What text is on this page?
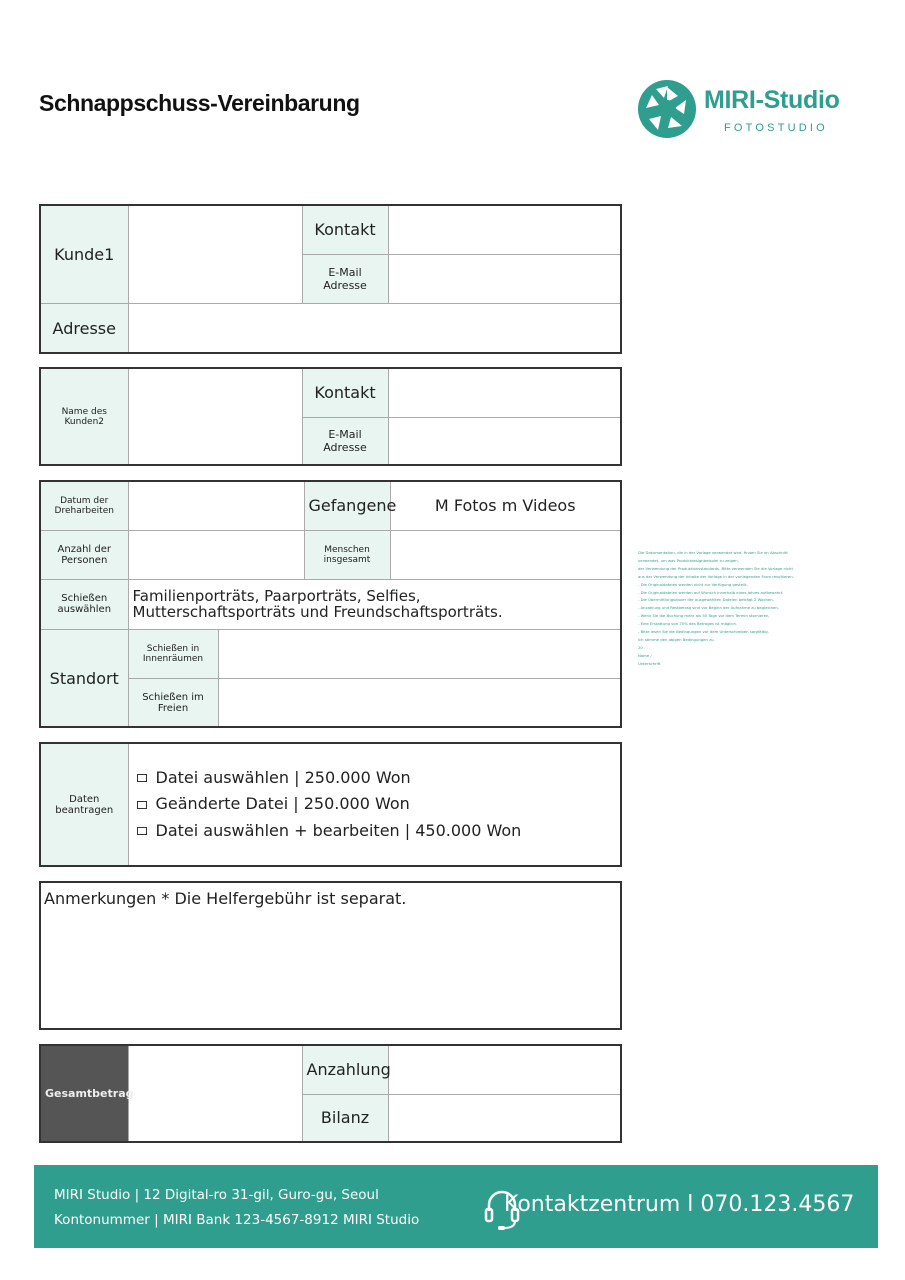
Schnappschuss-Vereinbarung	MIRI-Studio
FOTOSTUDIO
Kunde1		Kontakt	
		E-Mail Adresse	
Adresse			
Name des Kunden2		Kontakt	
		E-Mail Adresse	
Datum der Dreharbeiten			Gefangene	M Fotos m Videos
Anzahl der Personen			Menschen insgesamt	
Schießen auswählen	Familienporträts, Paarporträts, Selfies,
Mutterschaftsporträts und Freundschaftsporträts.			

Standort	Schießen in Innenräumen			
	Schießen im Freien			
Daten beantragen	
Datei auswählen | 250.000 Won
Geänderte Datei | 250.000 Won
Datei auswählen + bearbeiten | 450.000 Won
Anmerkungen * Die Helfergebühr ist separat.
Gesamtbetrag		Anzahlung	
		Bilanz	

Die Dokumentation, die in der Vorlage verwendet wird, finden Sie im Abschnitt

verwendet, um was Produktdesignbeispiel zu zeigen.

der Verwendung der Produktionsstandards. Bitte verwenden Sie die Vorlage nicht

aus der Verwendung der Inhalte der Vorlage in der vorliegenden Form resultieren.

- Die Originaldateien werden nicht zur Verfügung gestellt.

- Die Originaldateien werden auf Wunsch innerhalb eines Jahres aufbewahrt.

- Die Übermittlungsdauer der ausgewählten Dateien beträgt 2 Wochen.

- Anzahlung und Restbetrag sind vor Beginn der Aufnahme zu begleichen.

- Wenn Sie die Buchung mehr als 30 Tage vor dem Termin stornieren,

- Eine Erstattung von 70% des Betrages ist möglich.

- Bitte lesen Sie die Bedingungen vor dem Unterschreiben sorgfältig.

ich stimme den obigen Bedingungen zu.

20 . . .

Name /

Unterschrift

MIRI Studio | 12 Digital-ro 31-gil, Guro-gu, Seoul
Kontonummer | MIRI Bank 123-4567-8912 MIRI Studio
Kontaktzentrum l 070.123.4567
